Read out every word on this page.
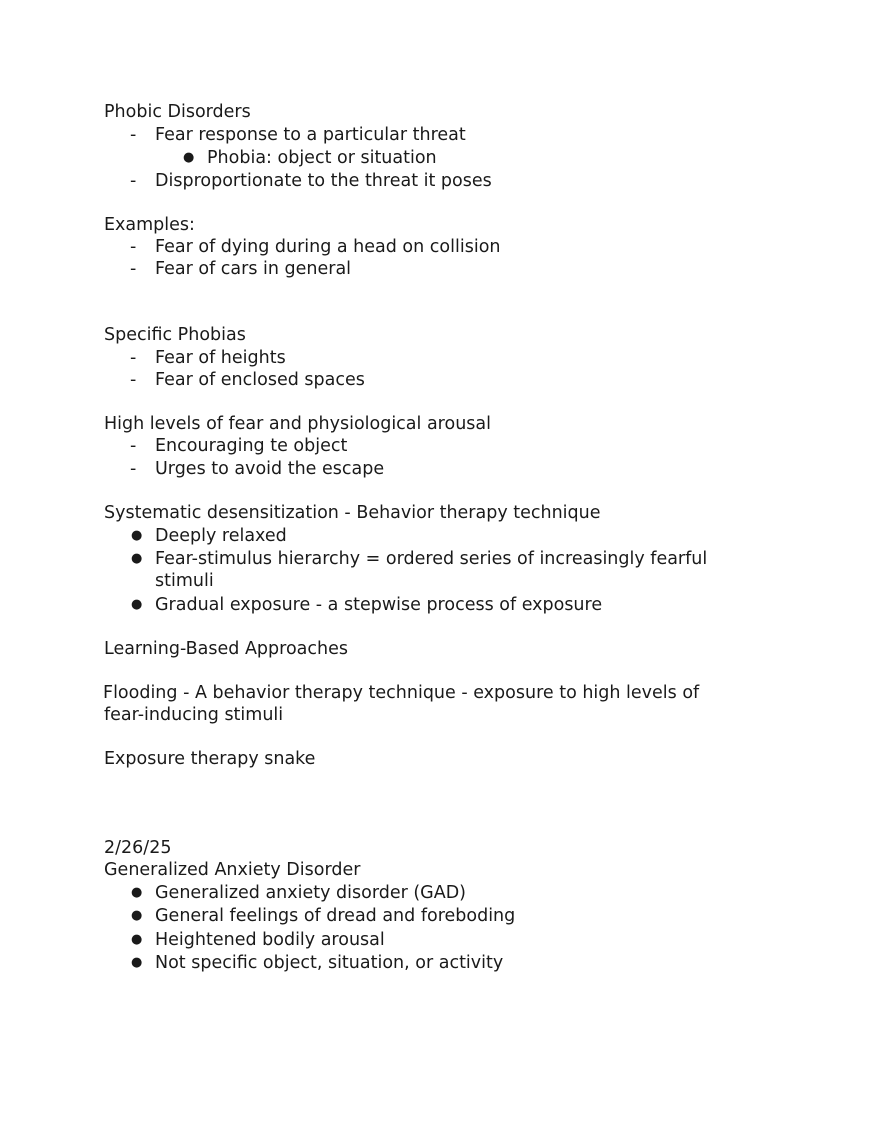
Phobic Disorders
- Fear response to a particular threat
● Phobia: object or situation
- Disproportionate to the threat it poses
Examples:
- Fear of dying during a head on collision
- Fear of cars in general
Specific Phobias
- Fear of heights
- Fear of enclosed spaces
High levels of fear and physiological arousal
- Encouraging te object
- Urges to avoid the escape
Systematic desensitization - Behavior therapy technique
● Deeply relaxed
● Fear-stimulus hierarchy = ordered series of increasingly fearful
stimuli
● Gradual exposure - a stepwise process of exposure
Learning-Based Approaches
Flooding - A behavior therapy technique - exposure to high levels of
fear-inducing stimuli
Exposure therapy snake
2/26/25
Generalized Anxiety Disorder
● Generalized anxiety disorder (GAD)
● General feelings of dread and foreboding
● Heightened bodily arousal
● Not specific object, situation, or activity
